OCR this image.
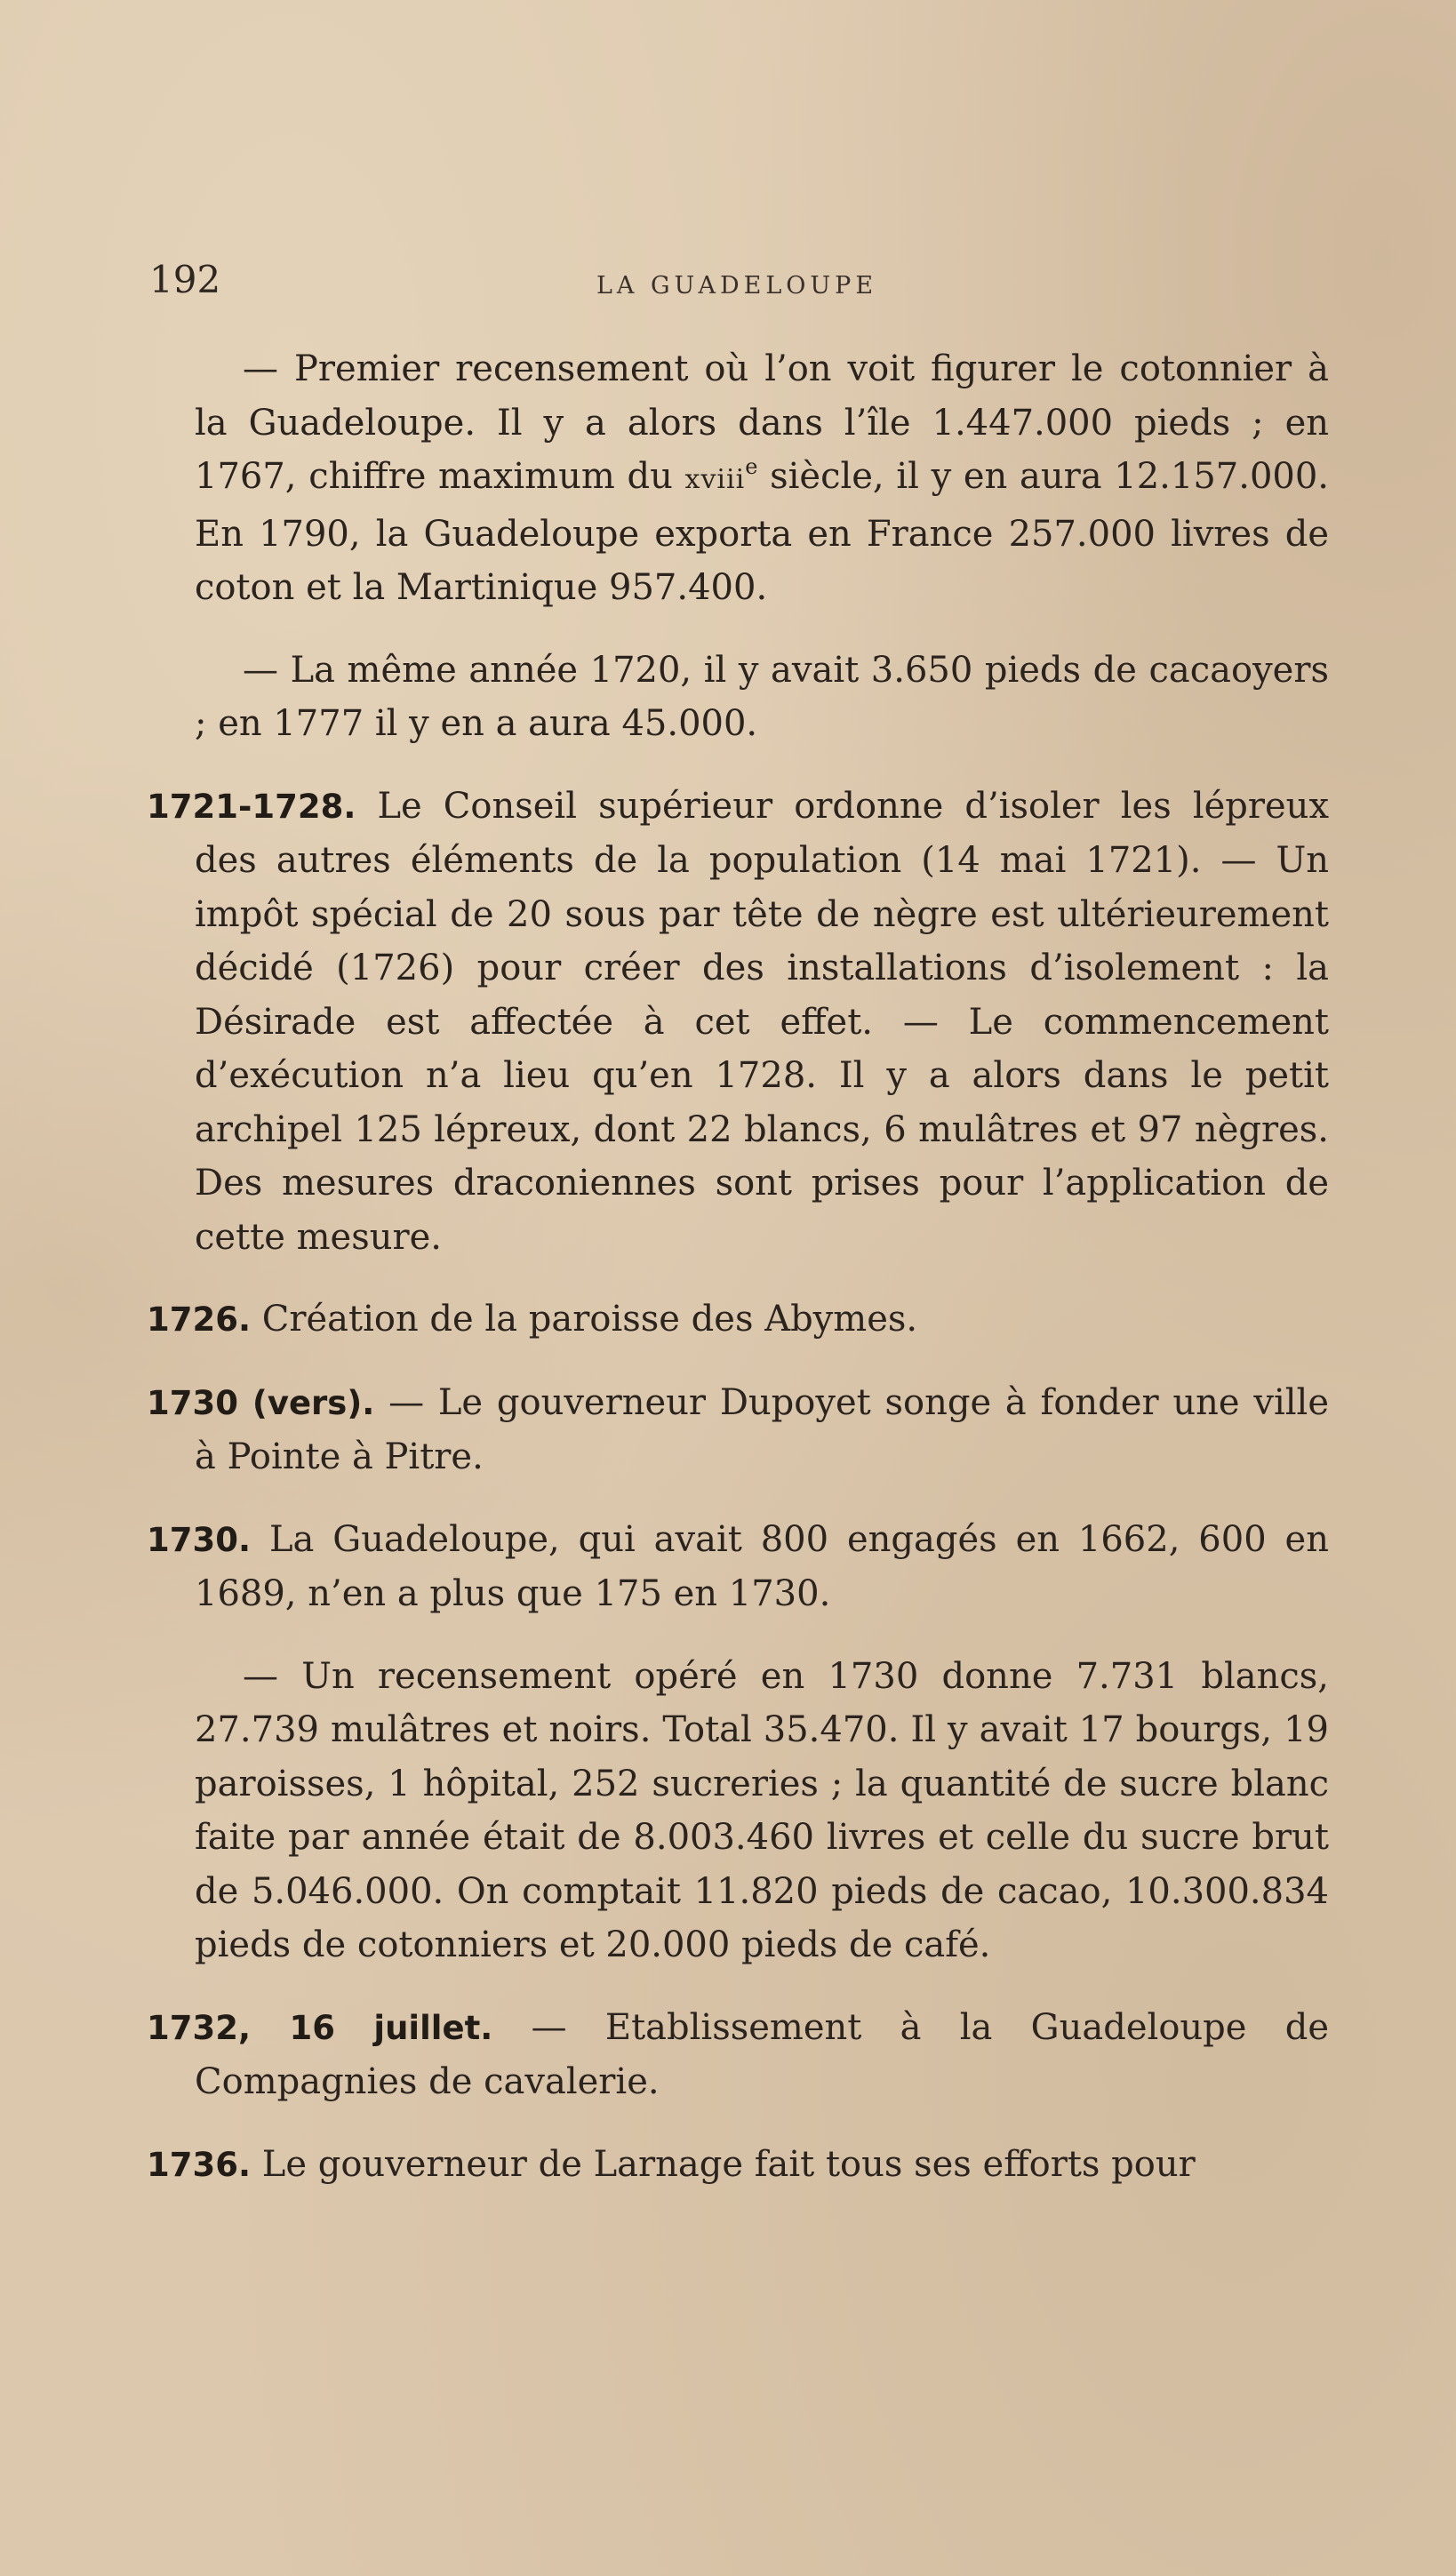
192	LA GUADELOUPE

— Premier recensement où l’on voit figurer le cotonnier à la Guadeloupe. Il y a alors dans l’île 1.447.000 pieds ; en 1767, chiffre maximum du xviii$^e$ siècle, il y en aura 12.157.000. En 1790, la Guadeloupe exporta en France 257.000 livres de coton et la Martinique 957.400.

— La même année 1720, il y avait 3.650 pieds de cacaoyers ; en 1777 il y en a aura 45.000.

1721-1728. Le Conseil supérieur ordonne d’isoler les lépreux des autres éléments de la population (14 mai 1721). — Un impôt spécial de 20 sous par tête de nègre est ultérieurement décidé (1726) pour créer des installations d’isolement : la Désirade est affectée à cet effet. — Le commencement d’exécution n’a lieu qu’en 1728. Il y a alors dans le petit archipel 125 lépreux, dont 22 blancs, 6 mulâtres et 97 nègres. Des mesures draconiennes sont prises pour l’application de cette mesure.

1726. Création de la paroisse des Abymes.

1730 (vers). — Le gouverneur Dupoyet songe à fonder une ville à Pointe à Pitre.

1730. La Guadeloupe, qui avait 800 engagés en 1662, 600 en 1689, n’en a plus que 175 en 1730.

— Un recensement opéré en 1730 donne 7.731 blancs, 27.739 mulâtres et noirs. Total 35.470. Il y avait 17 bourgs, 19 paroisses, 1 hôpital, 252 sucreries ; la quantité de sucre blanc faite par année était de 8.003.460 livres et celle du sucre brut de 5.046.000. On comptait 11.820 pieds de cacao, 10.300.834 pieds de cotonniers et 20.000 pieds de café.

1732, 16 juillet. — Etablissement à la Guadeloupe de Compagnies de cavalerie.

1736. Le gouverneur de Larnage fait tous ses efforts pour
